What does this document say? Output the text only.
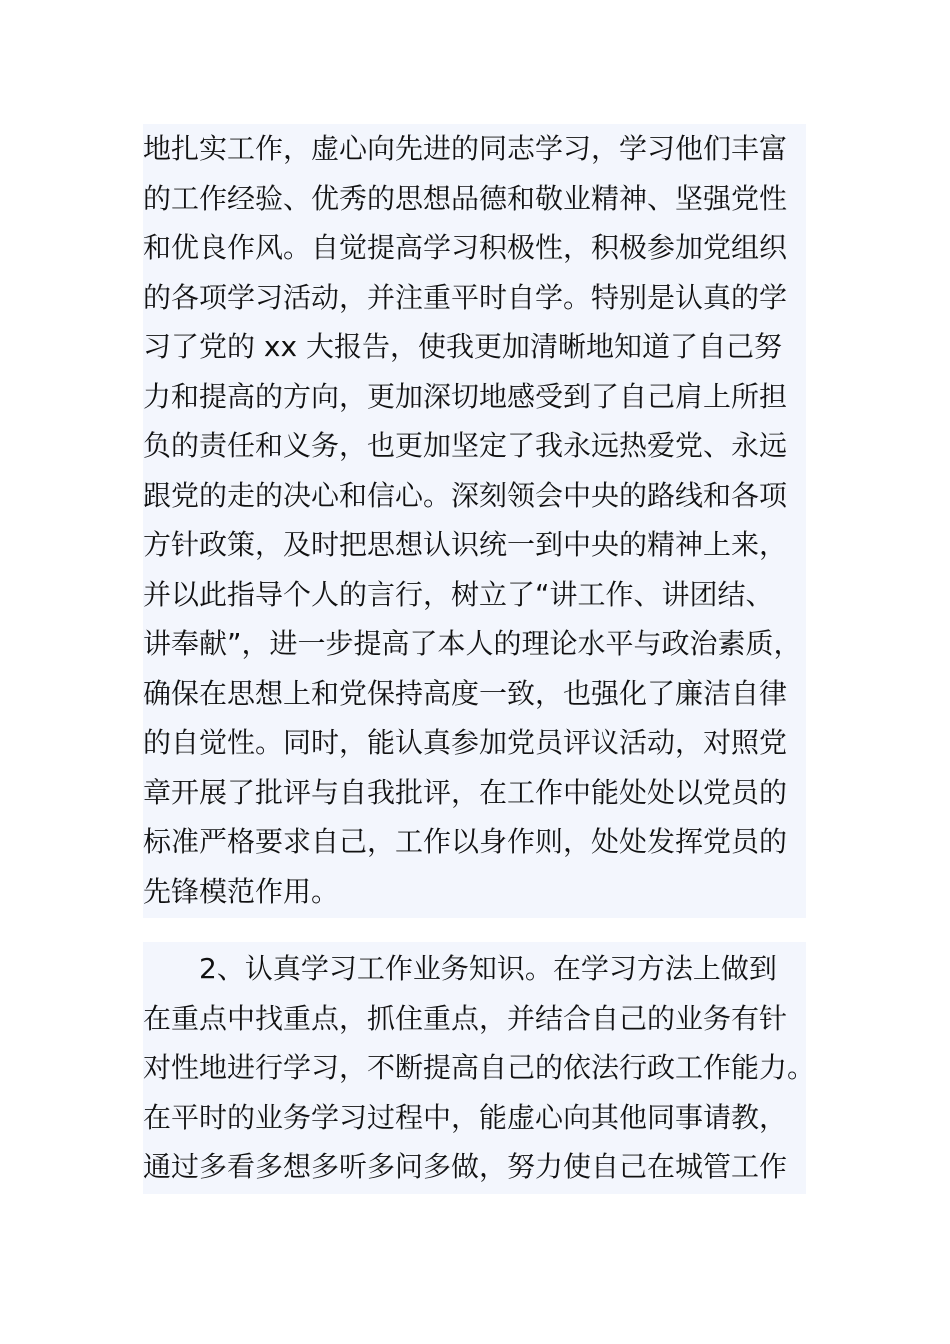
地扎实工作，虚心向先进的同志学习，学习他们丰富
的工作经验、优秀的思想品德和敬业精神、坚强党性
和优良作风。自觉提高学习积极性，积极参加党组织
的各项学习活动，并注重平时自学。特别是认真的学
习了党的 xx 大报告，使我更加清晰地知道了自己努
力和提高的方向，更加深切地感受到了自己肩上所担
负的责任和义务，也更加坚定了我永远热爱党、永远
跟党的走的决心和信心。深刻领会中央的路线和各项
方针政策，及时把思想认识统一到中央的精神上来，
并以此指导个人的言行，树立了“讲工作、讲团结、
讲奉献”，进一步提高了本人的理论水平与政治素质，
确保在思想上和党保持高度一致，也强化了廉洁自律
的自觉性。同时，能认真参加党员评议活动，对照党
章开展了批评与自我批评，在工作中能处处以党员的
标准严格要求自己，工作以身作则，处处发挥党员的
先锋模范作用。
　　2、认真学习工作业务知识。在学习方法上做到
在重点中找重点，抓住重点，并结合自己的业务有针
对性地进行学习，不断提高自己的依法行政工作能力。
在平时的业务学习过程中，能虚心向其他同事请教，
通过多看多想多听多问多做，努力使自己在城管工作
